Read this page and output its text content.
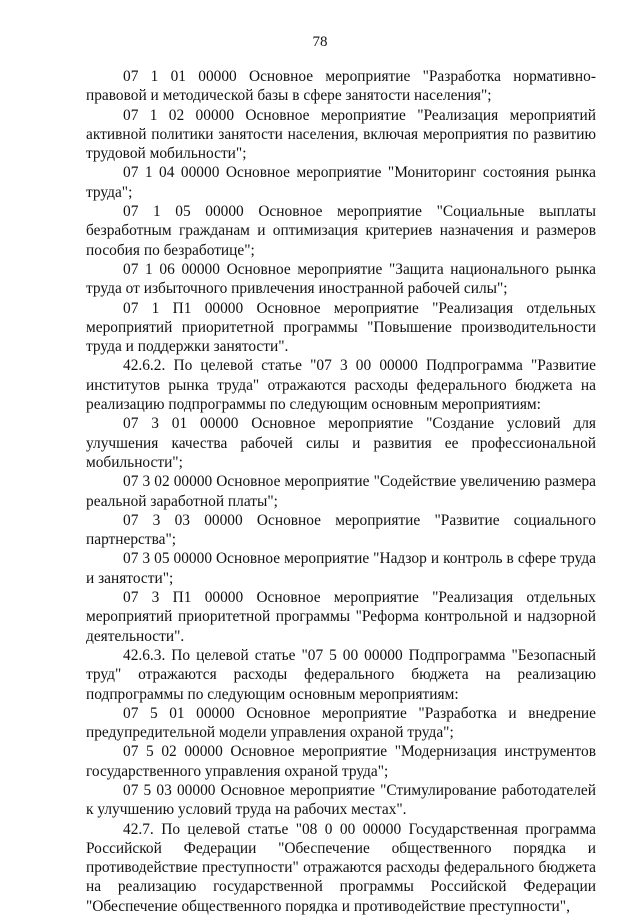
78

07 1 01 00000 Основное мероприятие "Разработка нормативно-правовой и методической базы в сфере занятости населения";

07 1 02 00000 Основное мероприятие "Реализация мероприятий активной политики занятости населения, включая мероприятия по развитию трудовой мобильности";

07 1 04 00000 Основное мероприятие "Мониторинг состояния рынка труда";

07 1 05 00000 Основное мероприятие "Социальные выплаты безработным гражданам и оптимизация критериев назначения и размеров пособия по безработице";

07 1 06 00000 Основное мероприятие "Защита национального рынка труда от избыточного привлечения иностранной рабочей силы";

07 1 П1 00000 Основное мероприятие "Реализация отдельных мероприятий приоритетной программы "Повышение производительности труда и поддержки занятости".

42.6.2. По целевой статье "07 3 00 00000 Подпрограмма "Развитие институтов рынка труда" отражаются расходы федерального бюджета на реализацию подпрограммы по следующим основным мероприятиям:

07 3 01 00000 Основное мероприятие "Создание условий для улучшения качества рабочей силы и развития ее профессиональной мобильности";

07 3 02 00000 Основное мероприятие "Содействие увеличению размера реальной заработной платы";

07 3 03 00000 Основное мероприятие "Развитие социального партнерства";

07 3 05 00000 Основное мероприятие "Надзор и контроль в сфере труда и занятости";

07 3 П1 00000 Основное мероприятие "Реализация отдельных мероприятий приоритетной программы "Реформа контрольной и надзорной деятельности".

42.6.3. По целевой статье "07 5 00 00000 Подпрограмма "Безопасный труд" отражаются расходы федерального бюджета на реализацию подпрограммы по следующим основным мероприятиям:

07 5 01 00000 Основное мероприятие "Разработка и внедрение предупредительной модели управления охраной труда";

07 5 02 00000 Основное мероприятие "Модернизация инструментов государственного управления охраной труда";

07 5 03 00000 Основное мероприятие "Стимулирование работодателей к улучшению условий труда на рабочих местах".

42.7. По целевой статье "08 0 00 00000 Государственная программа Российской Федерации "Обеспечение общественного порядка и противодействие преступности" отражаются расходы федерального бюджета на реализацию государственной программы Российской Федерации "Обеспечение общественного порядка и противодействие преступности",
